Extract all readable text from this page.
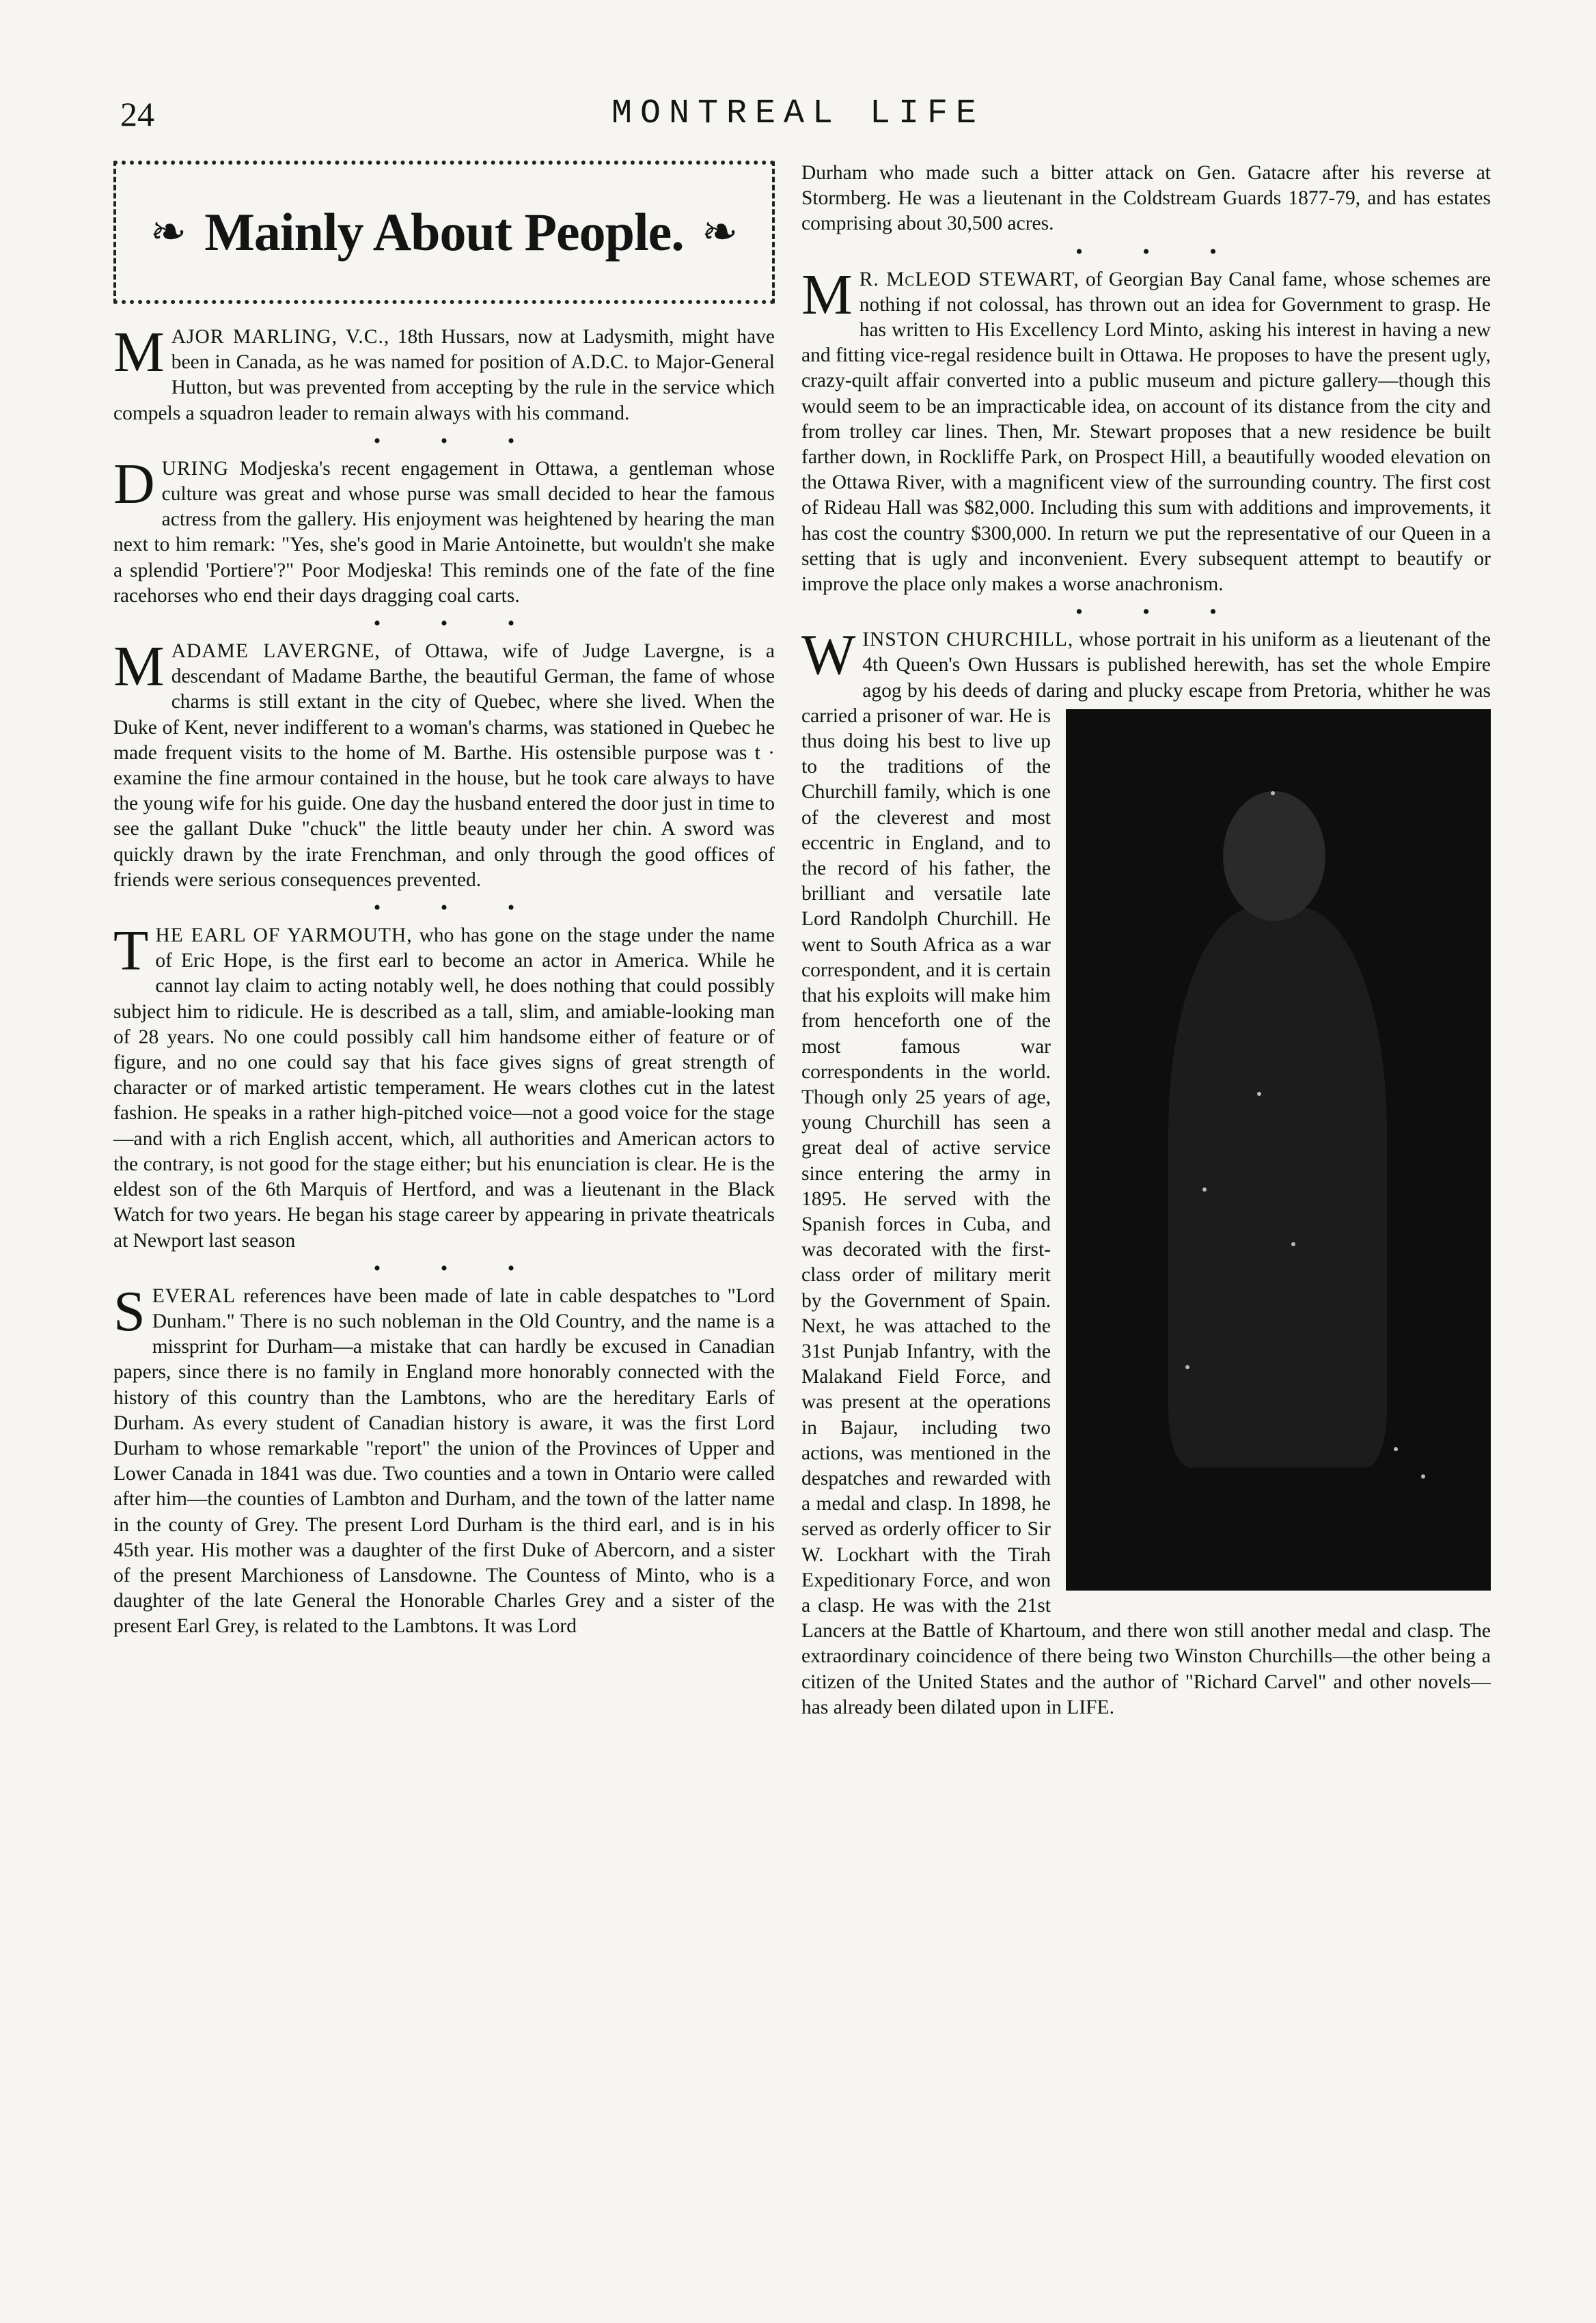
24	MONTREAL LIFE
❧ Mainly About People. ❧

MAJOR MARLING, V.C., 18th Hussars, now at Ladysmith, might have been in Canada, as he was named for position of A.D.C. to Major-General Hutton, but was prevented from accepting by the rule in the service which compels a squadron leader to remain always with his command.

• • •

DURING Modjeska's recent engagement in Ottawa, a gentleman whose culture was great and whose purse was small decided to hear the famous actress from the gallery. His enjoyment was heightened by hearing the man next to him remark: "Yes, she's good in Marie Antoinette, but wouldn't she make a splendid 'Portiere'?" Poor Modjeska! This reminds one of the fate of the fine racehorses who end their days dragging coal carts.

• • •

MADAME LAVERGNE, of Ottawa, wife of Judge Lavergne, is a descendant of Madame Barthe, the beautiful German, the fame of whose charms is still extant in the city of Quebec, where she lived. When the Duke of Kent, never indifferent to a woman's charms, was stationed in Quebec he made frequent visits to the home of M. Barthe. His ostensible purpose was t · examine the fine armour contained in the house, but he took care always to have the young wife for his guide. One day the husband entered the door just in time to see the gallant Duke "chuck" the little beauty under her chin. A sword was quickly drawn by the irate Frenchman, and only through the good offices of friends were serious consequences prevented.

• • •

THE EARL OF YARMOUTH, who has gone on the stage under the name of Eric Hope, is the first earl to become an actor in America. While he cannot lay claim to acting notably well, he does nothing that could possibly subject him to ridicule. He is described as a tall, slim, and amiable-looking man of 28 years. No one could possibly call him handsome either of feature or of figure, and no one could say that his face gives signs of great strength of character or of marked artistic temperament. He wears clothes cut in the latest fashion. He speaks in a rather high-pitched voice—not a good voice for the stage—and with a rich English accent, which, all authorities and American actors to the contrary, is not good for the stage either; but his enunciation is clear. He is the eldest son of the 6th Marquis of Hertford, and was a lieutenant in the Black Watch for two years. He began his stage career by appearing in private theatricals at Newport last season

• • •

SEVERAL references have been made of late in cable despatches to "Lord Dunham." There is no such nobleman in the Old Country, and the name is a missprint for Durham—a mistake that can hardly be excused in Canadian papers, since there is no family in England more honorably connected with the history of this country than the Lambtons, who are the hereditary Earls of Durham. As every student of Canadian history is aware, it was the first Lord Durham to whose remarkable "report" the union of the Provinces of Upper and Lower Canada in 1841 was due. Two counties and a town in Ontario were called after him—the counties of Lambton and Durham, and the town of the latter name in the county of Grey. The present Lord Durham is the third earl, and is in his 45th year. His mother was a daughter of the first Duke of Abercorn, and a sister of the present Marchioness of Lansdowne. The Countess of Minto, who is a daughter of the late General the Honorable Charles Grey and a sister of the present Earl Grey, is related to the Lambtons. It was Lord

Durham who made such a bitter attack on Gen. Gatacre after his reverse at Stormberg. He was a lieutenant in the Coldstream Guards 1877-79, and has estates comprising about 30,500 acres.

• • •

M R. McLEOD STEWART, of Georgian Bay Canal fame, whose schemes are nothing if not colossal, has thrown out an idea for Government to grasp. He has written to His Excellency Lord Minto, asking his interest in having a new and fitting vice-regal residence built in Ottawa. He proposes to have the present ugly, crazy-quilt affair converted into a public museum and picture gallery—though this would seem to be an impracticable idea, on account of its distance from the city and from trolley car lines. Then, Mr. Stewart proposes that a new residence be built farther down, in Rockliffe Park, on Prospect Hill, a beautifully wooded elevation on the Ottawa River, with a magnificent view of the surrounding country. The first cost of Rideau Hall was $82,000. Including this sum with additions and improvements, it has cost the country $300,000. In return we put the representative of our Queen in a setting that is ugly and inconvenient. Every subsequent attempt to beautify or improve the place only makes a worse anachronism.

• • •

WINSTON CHURCHILL, whose portrait in his uniform as a lieutenant of the 4th Queen's Own Hussars is published herewith, has set the whole Empire agog by his deeds of daring and plucky escape from Pretoria, whither he was
carried a prisoner of war. He is thus doing his best to live up to the traditions of the Churchill family, which is one of the cleverest and most eccentric in England, and to the record of his father, the brilliant and versatile late Lord Randolph Churchill. He went to South Africa as a war correspondent, and it is certain that his exploits will make him from henceforth one of the most famous war correspondents in the world. Though only 25 years of age, young Churchill has seen a great deal of active service since entering the army in 1895. He served with the Spanish forces in Cuba, and was decorated with the first-class order of military merit by the Government of Spain. Next, he was attached to the 31st Punjab Infantry, with the Malakand Field Force, and was present at the operations in Bajaur, including two actions, was mentioned in the despatches and rewarded with a medal and clasp. In 1898, he served as orderly officer to Sir W. Lockhart with the Tirah Expeditionary Force, and won a clasp. He was with the 21st Lancers at the Battle of Khartoum, and there won still another medal and clasp. The extraordinary coincidence of there being two Winston Churchills—the other being a citizen of the United States and the author of "Richard Carvel" and other novels—has already been dilated upon in LIFE.
